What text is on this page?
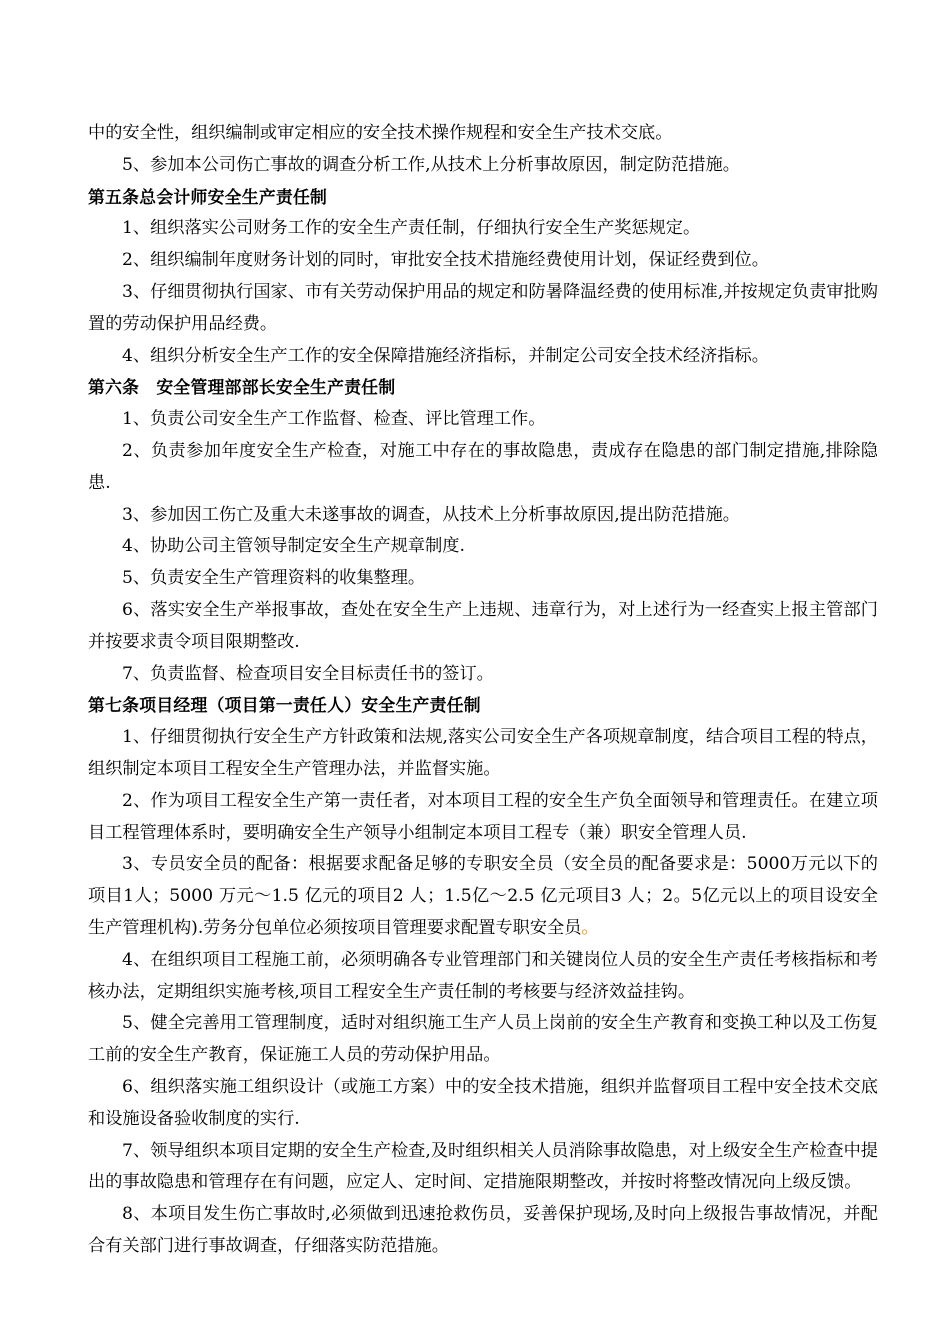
中的安全性，组织编制或审定相应的安全技术操作规程和安全生产技术交底。

5、参加本公司伤亡事故的调查分析工作,从技术上分析事故原因，制定防范措施。

第五条总会计师安全生产责任制

1、组织落实公司财务工作的安全生产责任制，仔细执行安全生产奖惩规定。

2、组织编制年度财务计划的同时，审批安全技术措施经费使用计划，保证经费到位。

3、仔细贯彻执行国家、市有关劳动保护用品的规定和防暑降温经费的使用标准,并按规定负责审批购置的劳动保护用品经费。

4、组织分析安全生产工作的安全保障措施经济指标，并制定公司安全技术经济指标。

第六条　安全管理部部长安全生产责任制

1、负责公司安全生产工作监督、检查、评比管理工作。

2、负责参加年度安全生产检查，对施工中存在的事故隐患，责成存在隐患的部门制定措施,排除隐患.

3、参加因工伤亡及重大未遂事故的调查，从技术上分析事故原因,提出防范措施。

4、协助公司主管领导制定安全生产规章制度.

5、负责安全生产管理资料的收集整理。

6、落实安全生产举报事故，查处在安全生产上违规、违章行为，对上述行为一经查实上报主管部门并按要求责令项目限期整改.

7、负责监督、检查项目安全目标责任书的签订。

第七条项目经理（项目第一责任人）安全生产责任制

1、仔细贯彻执行安全生产方针政策和法规,落实公司安全生产各项规章制度，结合项目工程的特点，组织制定本项目工程安全生产管理办法，并监督实施。

2、作为项目工程安全生产第一责任者，对本项目工程的安全生产负全面领导和管理责任。在建立项目工程管理体系时，要明确安全生产领导小组制定本项目工程专（兼）职安全管理人员.

3、专员安全员的配备：根据要求配备足够的专职安全员（安全员的配备要求是：5000万元以下的项目1人；5000 万元～1.5 亿元的项目2 人；1.5亿～2.5 亿元项目3 人；2。5亿元以上的项目设安全生产管理机构).劳务分包单位必须按项目管理要求配置专职安全员。

4、在组织项目工程施工前，必须明确各专业管理部门和关键岗位人员的安全生产责任考核指标和考核办法，定期组织实施考核,项目工程安全生产责任制的考核要与经济效益挂钩。

5、健全完善用工管理制度，适时对组织施工生产人员上岗前的安全生产教育和变换工种以及工伤复工前的安全生产教育，保证施工人员的劳动保护用品。

6、组织落实施工组织设计（或施工方案）中的安全技术措施，组织并监督项目工程中安全技术交底和设施设备验收制度的实行.

7、领导组织本项目定期的安全生产检查,及时组织相关人员消除事故隐患，对上级安全生产检查中提出的事故隐患和管理存在有问题，应定人、定时间、定措施限期整改，并按时将整改情况向上级反馈。

8、本项目发生伤亡事故时,必须做到迅速抢救伤员，妥善保护现场,及时向上级报告事故情况，并配合有关部门进行事故调查，仔细落实防范措施。
